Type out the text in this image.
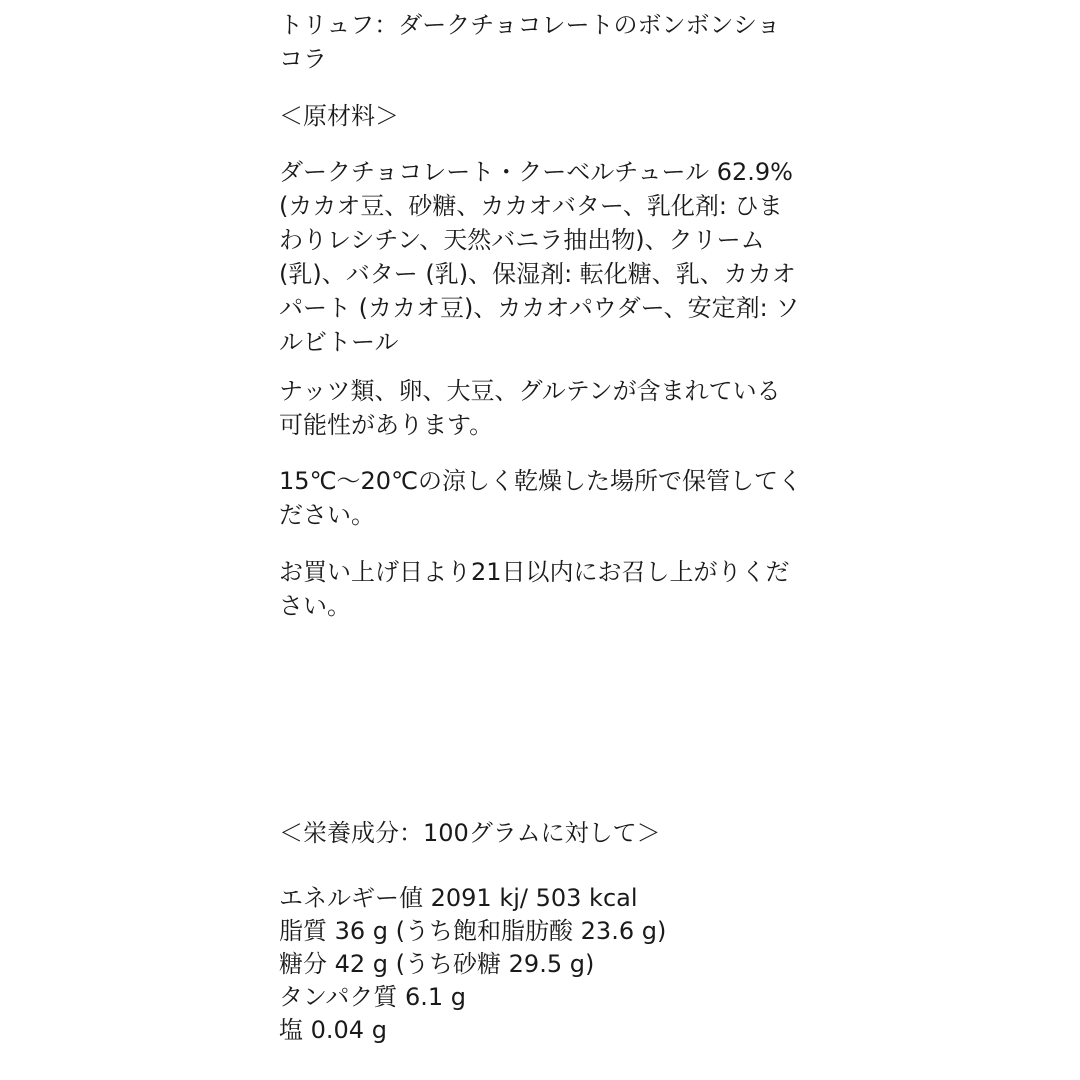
トリュフ：ダークチョコレートのボンボンショ
コラ
＜原材料＞
ダークチョコレート・クーベルチュール 62.9%
(カカオ豆、砂糖、カカオバター、乳化剤: ひま
わりレシチン、天然バニラ抽出物)、クリーム
(乳)、バター (乳)、保湿剤: 転化糖、乳、カカオ
パート (カカオ豆)、カカオパウダー、安定剤: ソ
ルビトール
ナッツ類、卵、大豆、グルテンが含まれている
可能性があります。
15℃〜20℃の涼しく乾燥した場所で保管してく
ださい。
お買い上げ日より21日以内にお召し上がりくだ
さい。
＜栄養成分：100グラムに対して＞
エネルギー値 2091 kj/ 503 kcal
脂質 36 g (うち飽和脂肪酸 23.6 g)
糖分 42 g (うち砂糖 29.5 g)
タンパク質 6.1 g
塩 0.04 g
